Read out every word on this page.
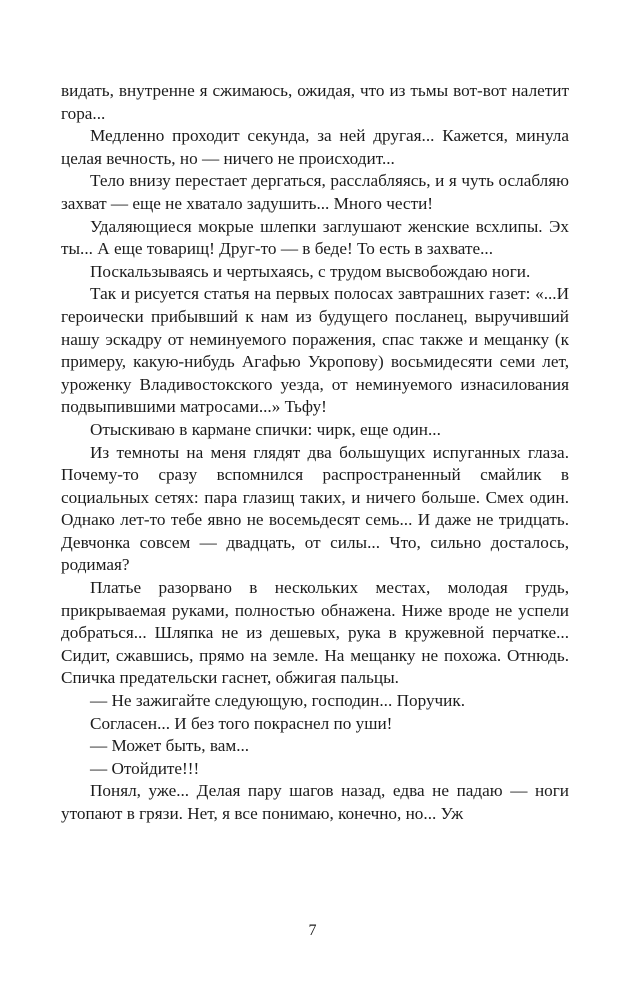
видать, внутренне я сжимаюсь, ожидая, что из тьмы вот-вот налетит гора...

Медленно проходит секунда, за ней другая... Кажется, минула целая вечность, но — ничего не происходит...

Тело внизу перестает дергаться, расслабляясь, и я чуть ослабляю захват — еще не хватало задушить... Много чести!

Удаляющиеся мокрые шлепки заглушают женские всхлипы. Эх ты... А еще товарищ! Друг-то — в беде! То есть в захвате...

Поскальзываясь и чертыхаясь, с трудом высвобождаю ноги.

Так и рисуется статья на первых полосах завтрашних газет: «...И героически прибывший к нам из будущего посланец, выручивший нашу эскадру от неминуемого поражения, спас также и мещанку (к примеру, какую-нибудь Агафью Укропову) восьмидесяти семи лет, уроженку Владивостокского уезда, от неминуемого изнасилования подвыпившими матросами...» Тьфу!

Отыскиваю в кармане спички: чирк, еще один...

Из темноты на меня глядят два большущих испуганных глаза. Почему-то сразу вспомнился распространенный смайлик в социальных сетях: пара глазищ таких, и ничего больше. Смех один. Однако лет-то тебе явно не восемьдесят семь... И даже не тридцать. Девчонка совсем — двадцать, от силы... Что, сильно досталось, родимая?

Платье разорвано в нескольких местах, молодая грудь, прикрываемая руками, полностью обнажена. Ниже вроде не успели добраться... Шляпка не из дешевых, рука в кружевной перчатке... Сидит, сжавшись, прямо на земле. На мещанку не похожа. Отнюдь. Спичка предательски гаснет, обжигая пальцы.

— Не зажигайте следующую, господин... Поручик.

Согласен... И без того покраснел по уши!

— Может быть, вам...

— Отойдите!!!

Понял, уже... Делая пару шагов назад, едва не падаю — ноги утопают в грязи. Нет, я все понимаю, конечно, но... Уж

7
